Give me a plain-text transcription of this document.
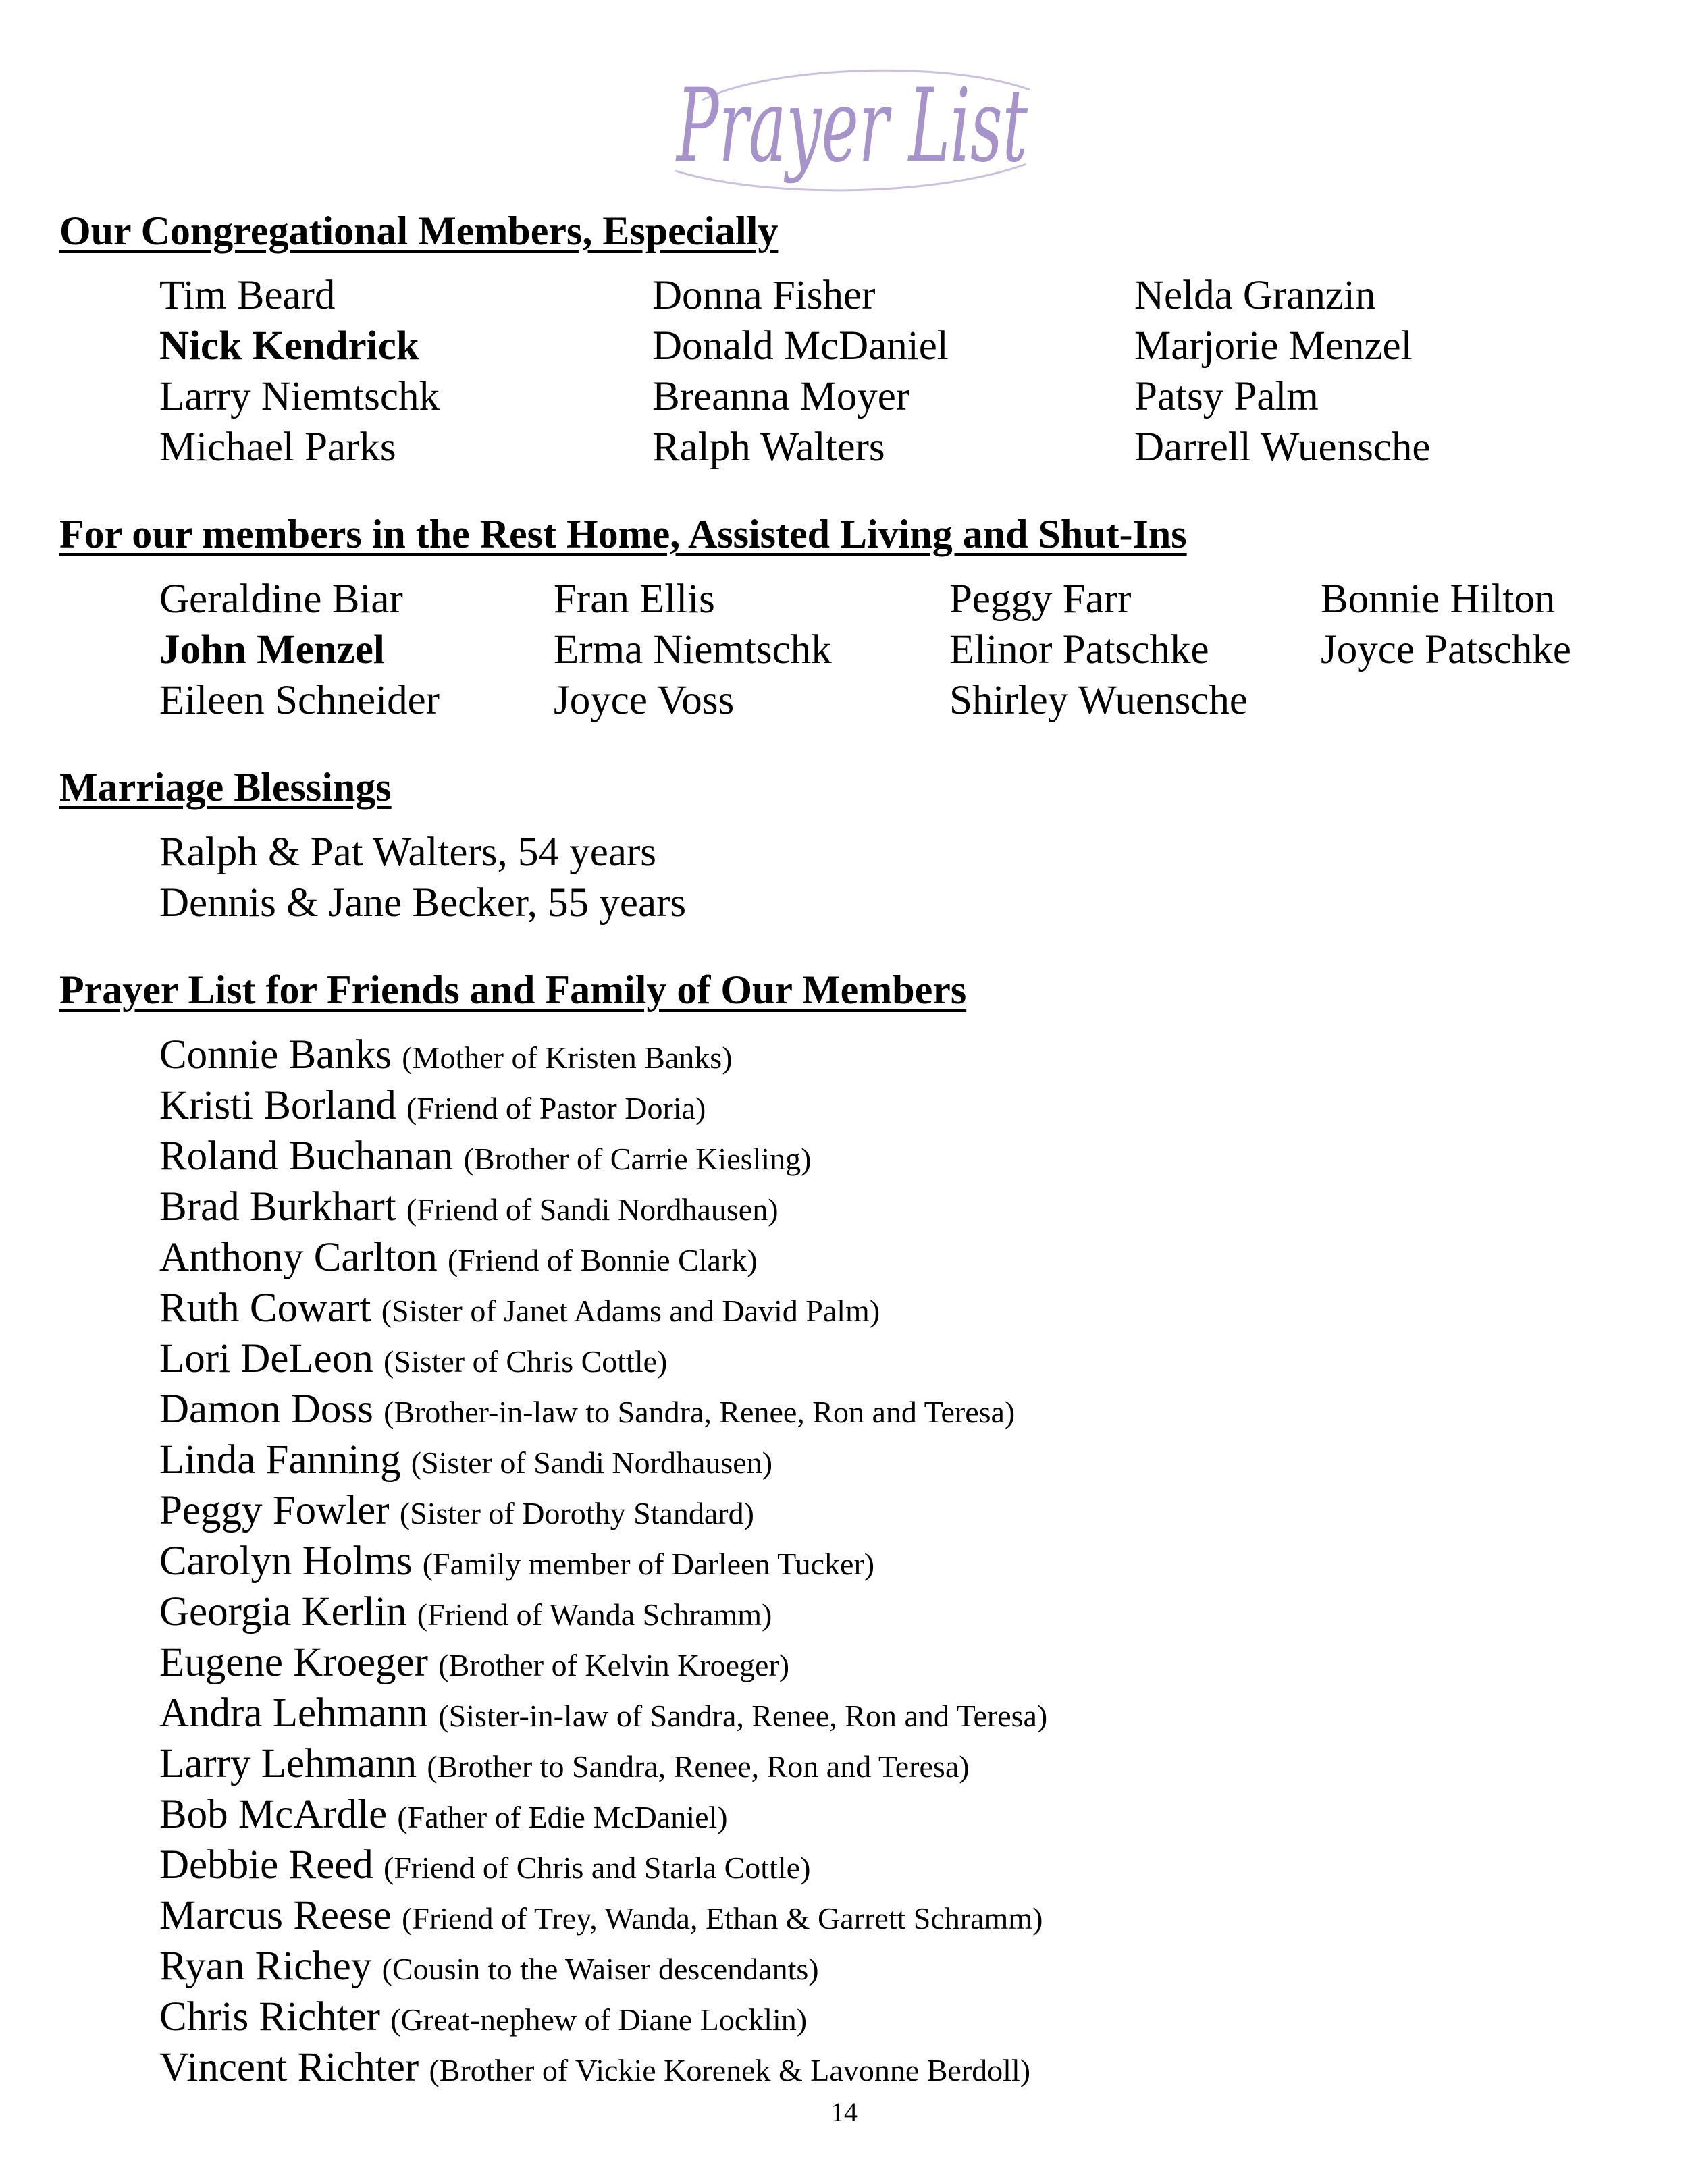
Prayer List
Our Congregational Members, Especially
Tim Beard	Donna Fisher	Nelda Granzin
Nick Kendrick	Donald McDaniel	Marjorie Menzel
Larry Niemtschk	Breanna Moyer	Patsy Palm
Michael Parks	Ralph Walters	Darrell Wuensche
For our members in the Rest Home, Assisted Living and Shut-Ins
Geraldine Biar	Fran Ellis	Peggy Farr	Bonnie Hilton
John Menzel	Erma Niemtschk	Elinor Patschke	Joyce Patschke
Eileen Schneider	Joyce Voss	Shirley Wuensche
Marriage Blessings
Ralph & Pat Walters, 54 years
Dennis & Jane Becker, 55 years
Prayer List for Friends and Family of Our Members
Connie Banks (Mother of Kristen Banks)
Kristi Borland (Friend of Pastor Doria)
Roland Buchanan (Brother of Carrie Kiesling)
Brad Burkhart (Friend of Sandi Nordhausen)
Anthony Carlton (Friend of Bonnie Clark)
Ruth Cowart (Sister of Janet Adams and David Palm)
Lori DeLeon (Sister of Chris Cottle)
Damon Doss (Brother-in-law to Sandra, Renee, Ron and Teresa)
Linda Fanning (Sister of Sandi Nordhausen)
Peggy Fowler (Sister of Dorothy Standard)
Carolyn Holms (Family member of Darleen Tucker)
Georgia Kerlin (Friend of Wanda Schramm)
Eugene Kroeger (Brother of Kelvin Kroeger)
Andra Lehmann (Sister-in-law of Sandra, Renee, Ron and Teresa)
Larry Lehmann (Brother to Sandra, Renee, Ron and Teresa)
Bob McArdle (Father of Edie McDaniel)
Debbie Reed (Friend of Chris and Starla Cottle)
Marcus Reese (Friend of Trey, Wanda, Ethan & Garrett Schramm)
Ryan Richey (Cousin to the Waiser descendants)
Chris Richter (Great-nephew of Diane Locklin)
Vincent Richter (Brother of Vickie Korenek & Lavonne Berdoll)
14
